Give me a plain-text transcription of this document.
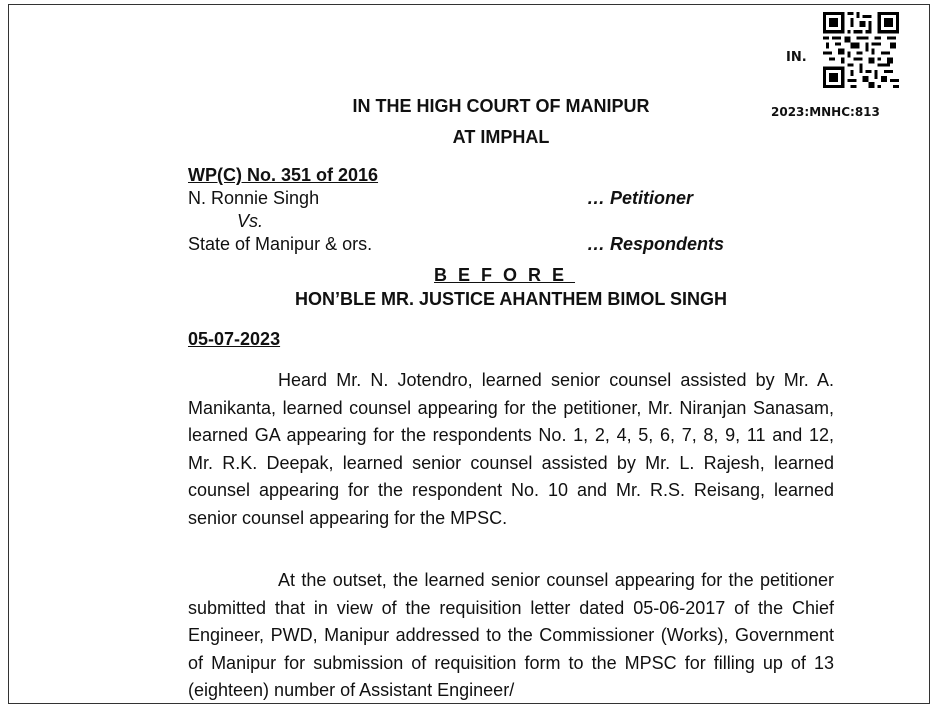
IN.
2023:MNHC:813
IN THE HIGH COURT OF MANIPUR
AT IMPHAL
WP(C) No. 351 of 2016
N. Ronnie Singh	… Petitioner
Vs.
State of Manipur & ors.	… Respondents
BEFORE
HON’BLE MR. JUSTICE AHANTHEM BIMOL SINGH
05-07-2023

Heard Mr. N. Jotendro, learned senior counsel assisted by Mr. A. Manikanta, learned counsel appearing for the petitioner, Mr. Niranjan Sanasam, learned GA appearing for the respondents No. 1, 2, 4, 5, 6, 7, 8, 9, 11 and 12, Mr. R.K. Deepak, learned senior counsel assisted by Mr. L. Rajesh, learned counsel appearing for the respondent No. 10 and Mr. R.S. Reisang, learned senior counsel appearing for the MPSC.

At the outset, the learned senior counsel appearing for the petitioner submitted that in view of the requisition letter dated 05-06-2017 of the Chief Engineer, PWD, Manipur addressed to the Commissioner (Works), Government of Manipur for submission of requisition form to the MPSC for filling up of 13 (eighteen) number of Assistant Engineer/
